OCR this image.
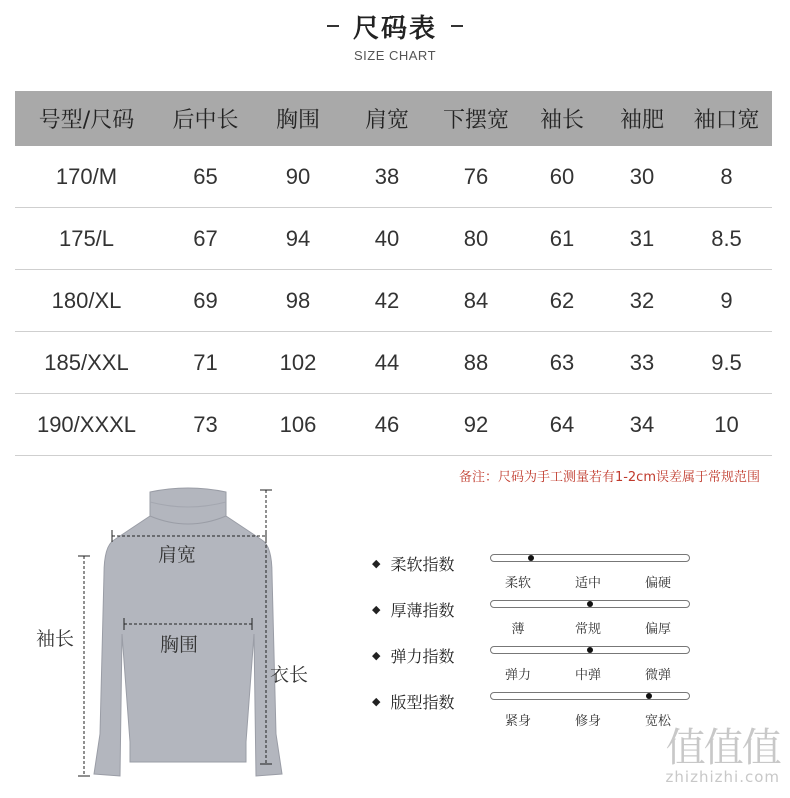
尺码表
SIZE CHART
号型/尺码	后中长	胸围	肩宽	下摆宽	袖长	袖肥	袖口宽
170/M	65	90	38	76	60	30	8
175/L	67	94	40	80	61	31	8.5
180/XL	69	98	42	84	62	32	9
185/XXL	71	102	44	88	63	33	9.5
190/XXXL	73	106	46	92	64	34	10
备注：尺码为手工测量若有1-2cm误差属于常规范围
肩宽
胸围
袖长
衣长
◆ 柔软指数
柔软	适中	偏硬
◆ 厚薄指数
薄	常规	偏厚
◆ 弹力指数
弹力	中弹	微弹
◆ 版型指数
紧身	修身	宽松
值值值
zhizhizhi.com
